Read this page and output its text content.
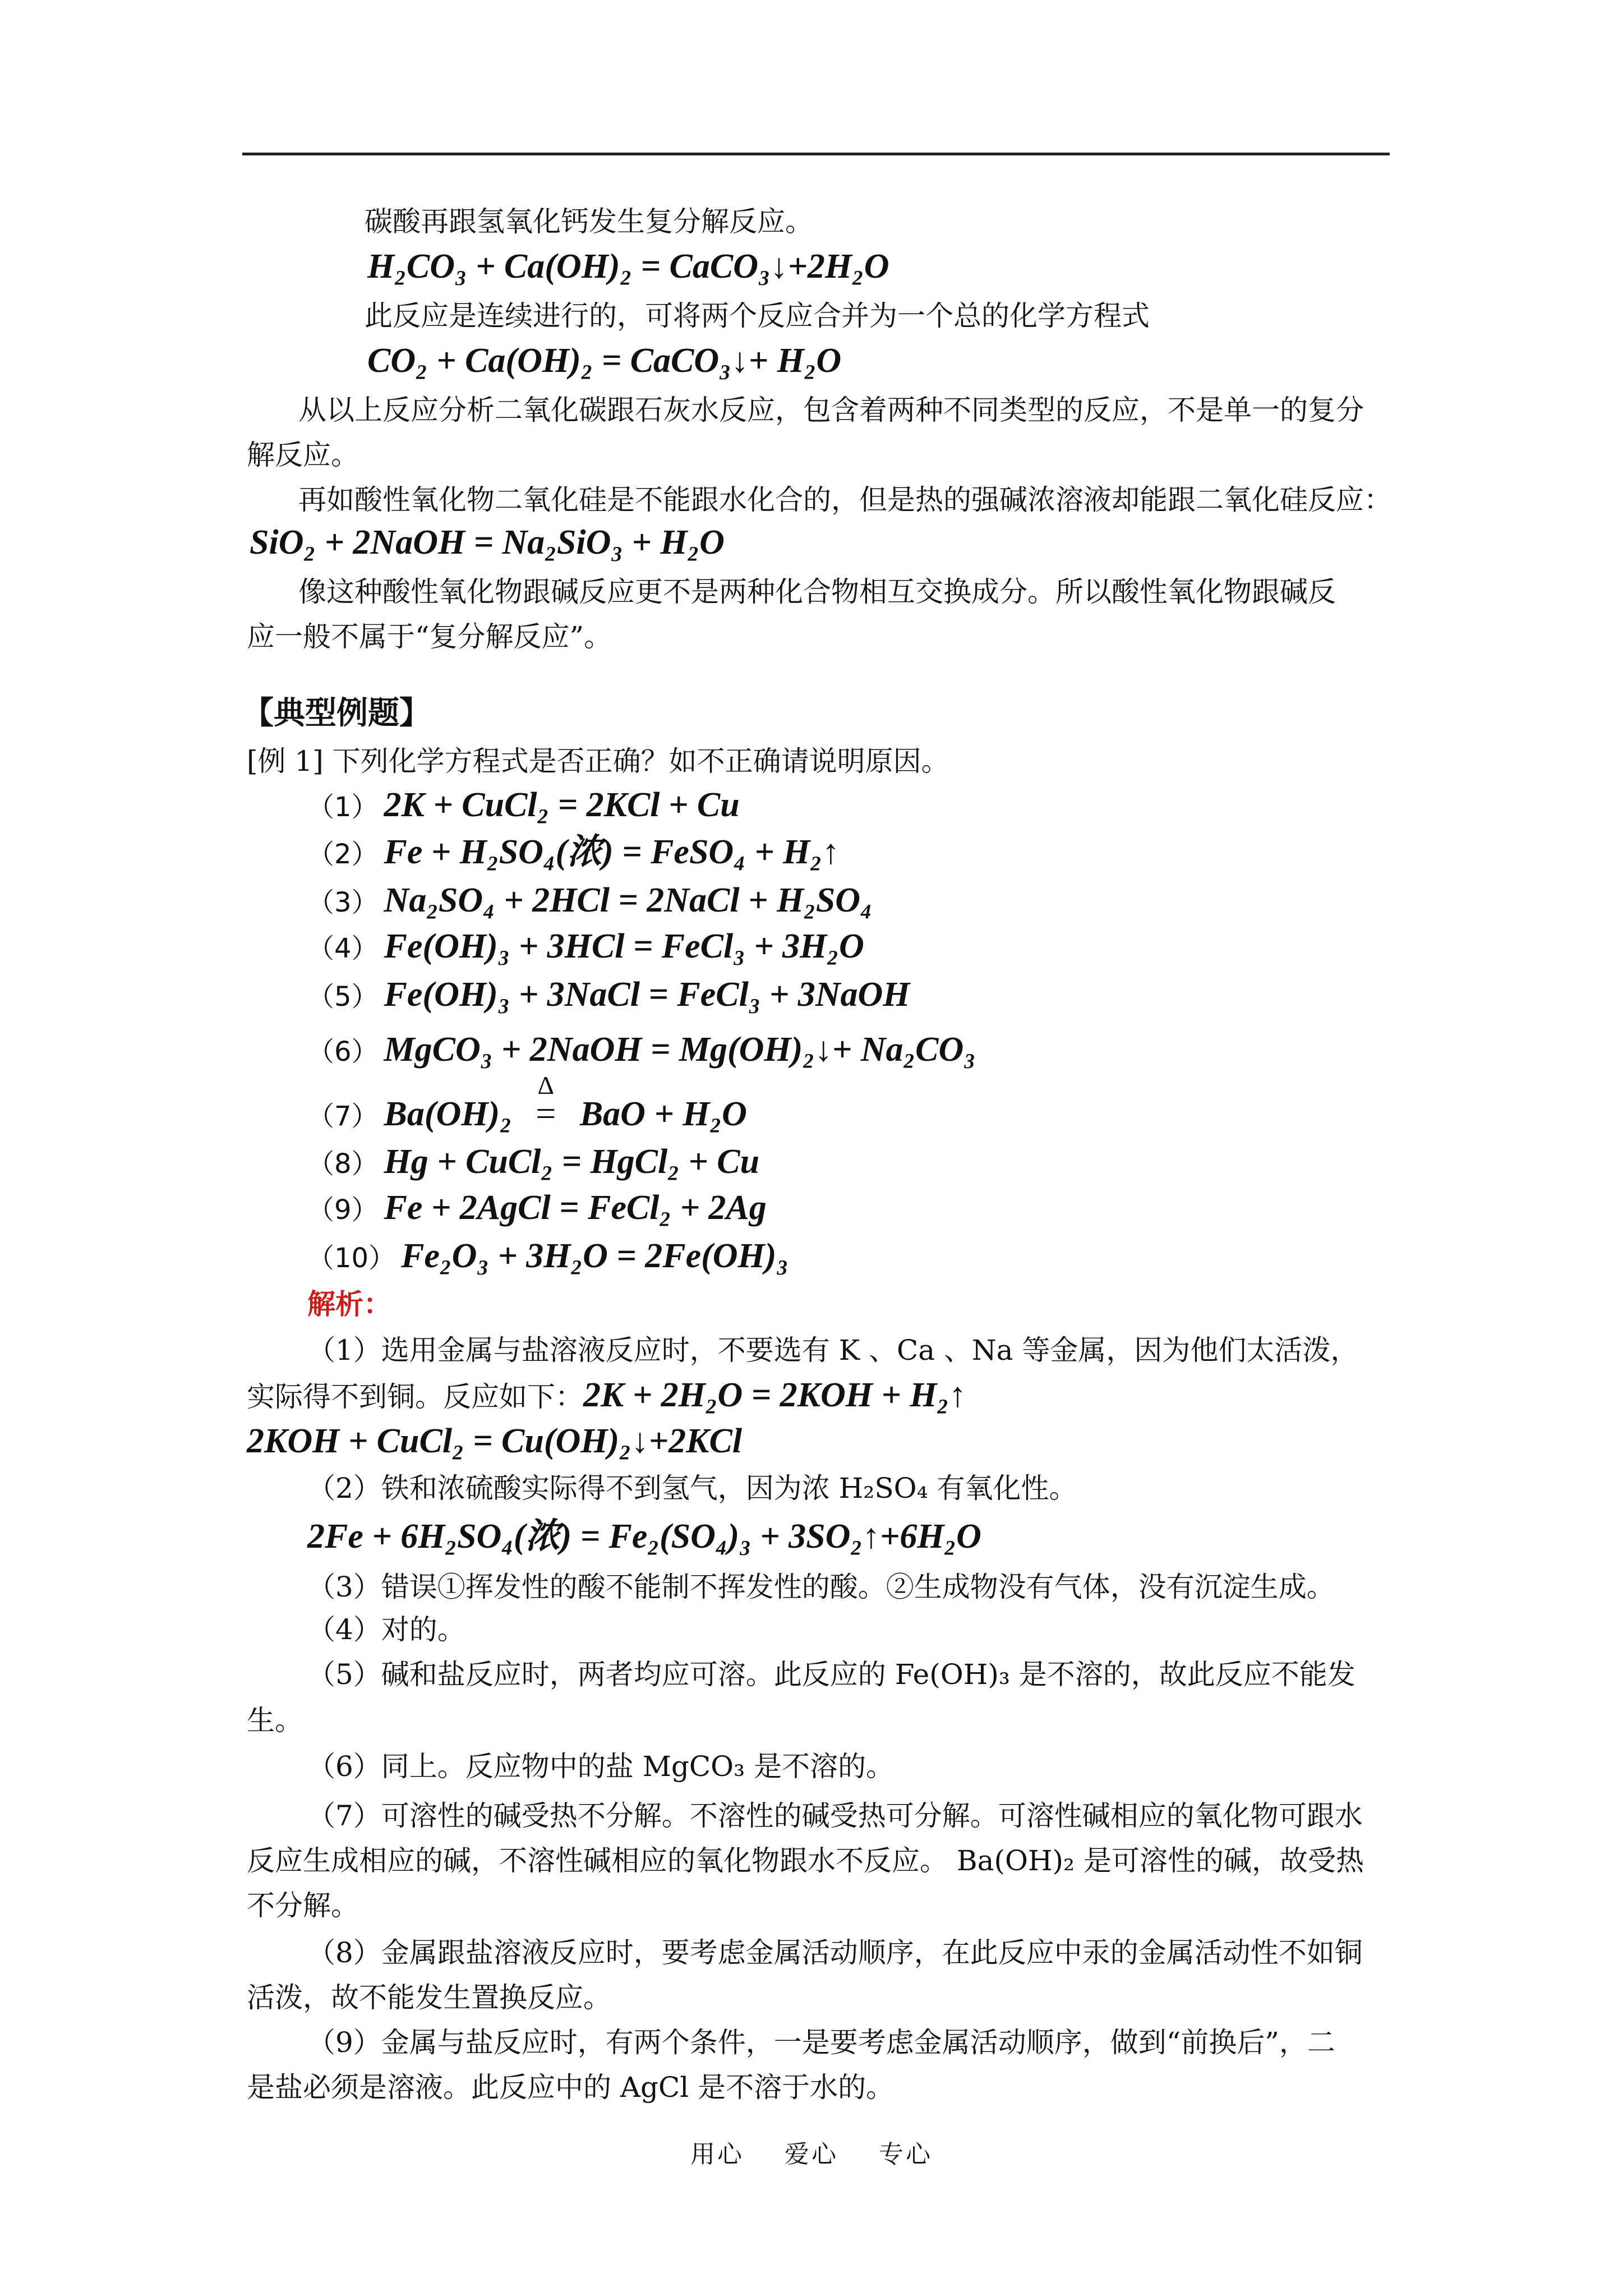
碳酸再跟氢氧化钙发生复分解反应。
H₂CO₃ + Ca(OH)₂ = CaCO₃↓+2H₂O
此反应是连续进行的，可将两个反应合并为一个总的化学方程式
CO₂ + Ca(OH)₂ = CaCO₃↓+ H₂O
从以上反应分析二氧化碳跟石灰水反应，包含着两种不同类型的反应，不是单一的复分
解反应。
再如酸性氧化物二氧化硅是不能跟水化合的，但是热的强碱浓溶液却能跟二氧化硅反应：
SiO₂ + 2NaOH = Na₂SiO₃ + H₂O
像这种酸性氧化物跟碱反应更不是两种化合物相互交换成分。所以酸性氧化物跟碱反
应一般不属于“复分解反应”。
【典型例题】
[例 1] 下列化学方程式是否正确？如不正确请说明原因。
（1） 2K + CuCl₂ = 2KCl + Cu
（2） Fe + H₂SO₄(浓) = FeSO₄ + H₂↑
（3） Na₂SO₄ + 2HCl = 2NaCl + H₂SO₄
（4） Fe(OH)₃ + 3HCl = FeCl₃ + 3H₂O
（5） Fe(OH)₃ + 3NaCl = FeCl₃ + 3NaOH
（6） MgCO₃ + 2NaOH = Mg(OH)₂↓+ Na₂CO₃
（7） Ba(OH)₂
Δ
= BaO + H₂O
（8） Hg + CuCl₂ = HgCl₂ + Cu
（9） Fe + 2AgCl = FeCl₂ + 2Ag
（10） Fe₂O₃ + 3H₂O = 2Fe(OH)₃
解析：
（1）选用金属与盐溶液反应时，不要选有 K 、Ca 、Na 等金属，因为他们太活泼，
实际得不到铜。反应如下：2K + 2H₂O = 2KOH + H₂↑
2KOH + CuCl₂ = Cu(OH)₂↓+2KCl
（2）铁和浓硫酸实际得不到氢气，因为浓 H₂SO₄ 有氧化性。
2Fe + 6H₂SO₄(浓) = Fe₂(SO₄)₃ + 3SO₂↑+6H₂O
（3）错误①挥发性的酸不能制不挥发性的酸。②生成物没有气体，没有沉淀生成。
（4）对的。
（5）碱和盐反应时，两者均应可溶。此反应的 Fe(OH)₃ 是不溶的，故此反应不能发
生。
（6）同上。反应物中的盐 MgCO₃ 是不溶的。
（7）可溶性的碱受热不分解。不溶性的碱受热可分解。可溶性碱相应的氧化物可跟水
反应生成相应的碱，不溶性碱相应的氧化物跟水不反应。 Ba(OH)₂ 是可溶性的碱，故受热
不分解。
（8）金属跟盐溶液反应时，要考虑金属活动顺序，在此反应中汞的金属活动性不如铜
活泼，故不能发生置换反应。
（9）金属与盐反应时，有两个条件，一是要考虑金属活动顺序，做到“前换后”，二
是盐必须是溶液。此反应中的 AgCl 是不溶于水的。
用心 爱心 专心
